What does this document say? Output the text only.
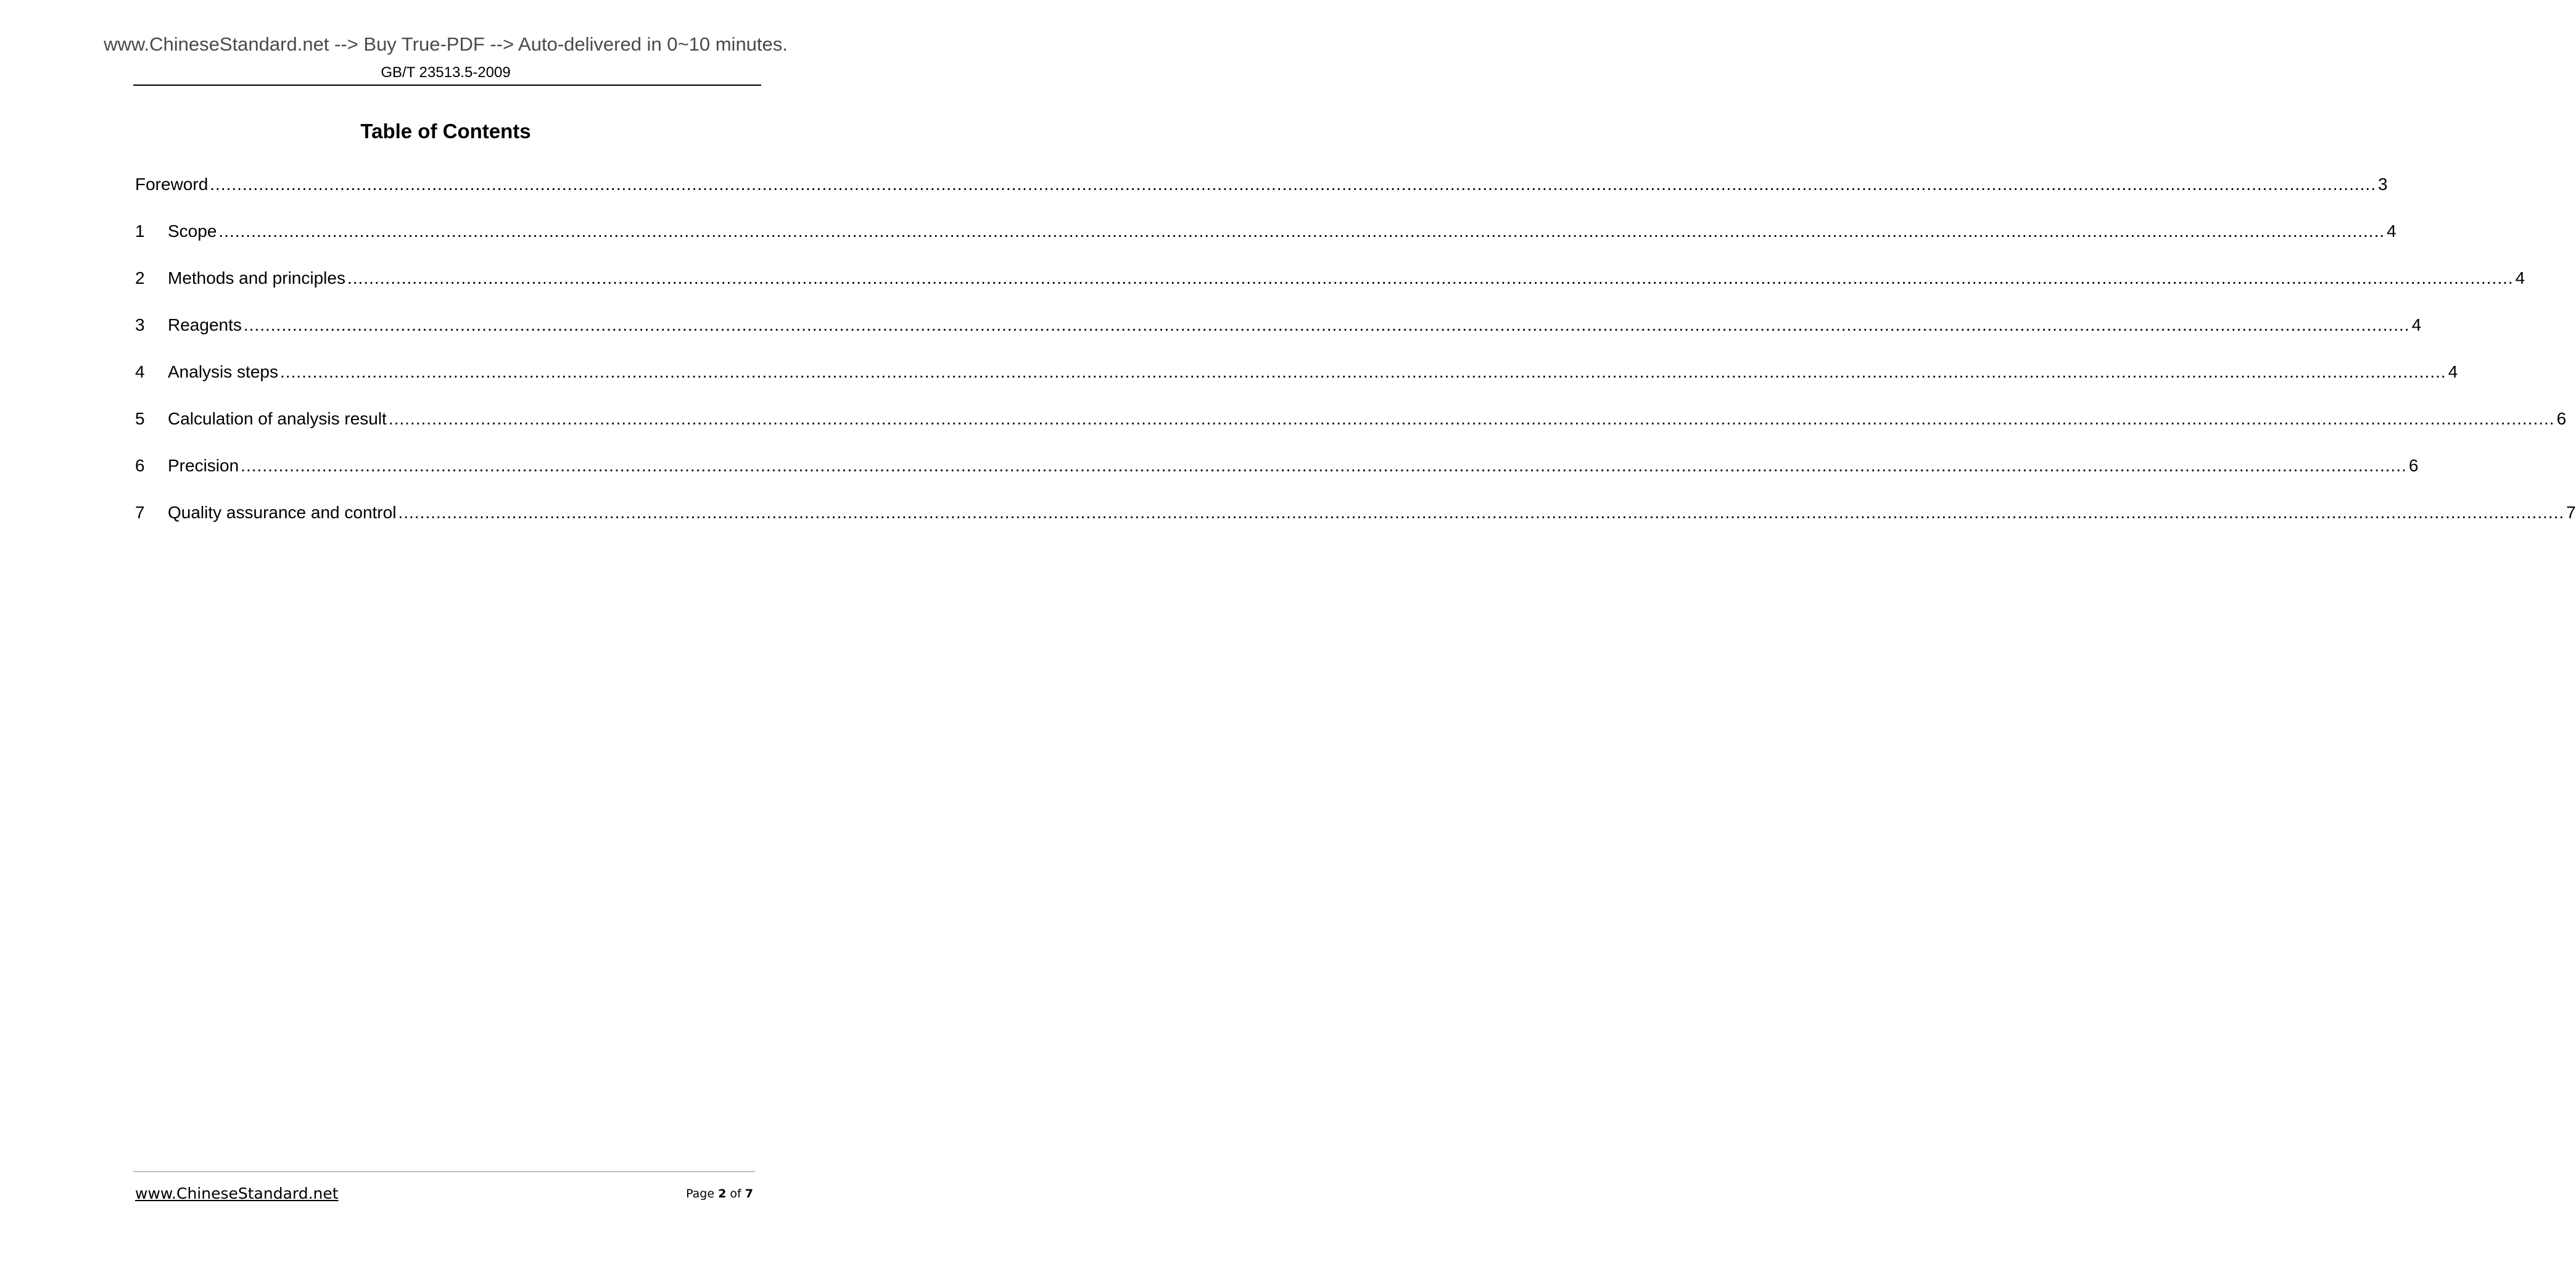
www.ChineseStandard.net --> Buy True-PDF --> Auto-delivered in 0~10 minutes.
GB/T 23513.5-2009
Table of Contents
Foreword ................................................................................................................................................................................................................................................................................................................................................................................................................ 3
1	Scope ................................................................................................................................................................................................................................................................................................................................................................................................................ 4
2	Methods and principles ................................................................................................................................................................................................................................................................................................................................................................................................................ 4
3	Reagents ................................................................................................................................................................................................................................................................................................................................................................................................................ 4
4	Analysis steps ................................................................................................................................................................................................................................................................................................................................................................................................................ 4
5	Calculation of analysis result ................................................................................................................................................................................................................................................................................................................................................................................................................ 6
6	Precision ................................................................................................................................................................................................................................................................................................................................................................................................................ 6
7	Quality assurance and control ................................................................................................................................................................................................................................................................................................................................................................................................................ 7
www.ChineseStandard.net	Page 2 of 7
